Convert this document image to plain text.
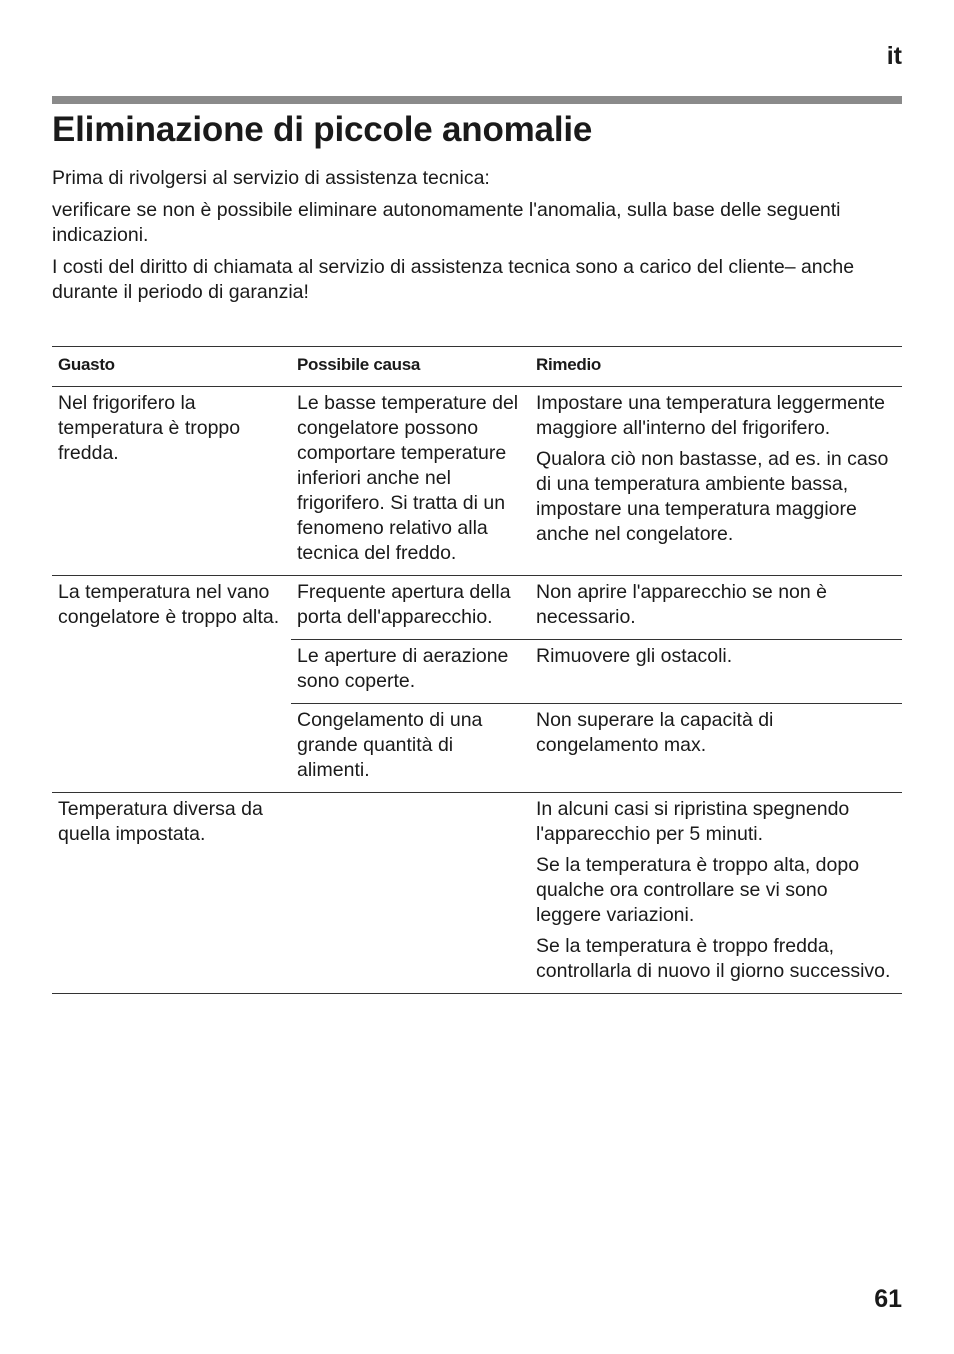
it
Eliminazione di piccole anomalie

Prima di rivolgersi al servizio di assistenza tecnica:

verificare se non è possibile eliminare autonomamente l'anomalia, sulla base delle seguenti indicazioni.

I costi del diritto di chiamata al servizio di assistenza tecnica sono a carico del cliente– anche durante il periodo di garanzia!

Guasto	Possibile causa	Rimedio
Nel frigorifero la temperatura è troppo fredda.	Le basse temperature del congelatore possono comportare temperature inferiori anche nel frigorifero. Si tratta di un fenomeno relativo alla tecnica del freddo.	Impostare una temperatura leggermente maggiore all'interno del frigorifero.

Qualora ciò non bastasse, ad es. in caso di una temperatura ambiente bassa, impostare una temperatura maggiore anche nel congelatore.

La temperatura nel vano congelatore è troppo alta.	Frequente apertura della porta dell'apparecchio.	Non aprire l'apparecchio se non è necessario.
	Le aperture di aerazione sono coperte.	Rimuovere gli ostacoli.
	Congelamento di una grande quantità di alimenti.	Non superare la capacità di congelamento max.
Temperatura diversa da quella impostata.		In alcuni casi si ripristina spegnendo l'apparecchio per 5 minuti.

Se la temperatura è troppo alta, dopo qualche ora controllare se vi sono leggere variazioni.

Se la temperatura è troppo fredda, controllarla di nuovo il giorno successivo.

61
